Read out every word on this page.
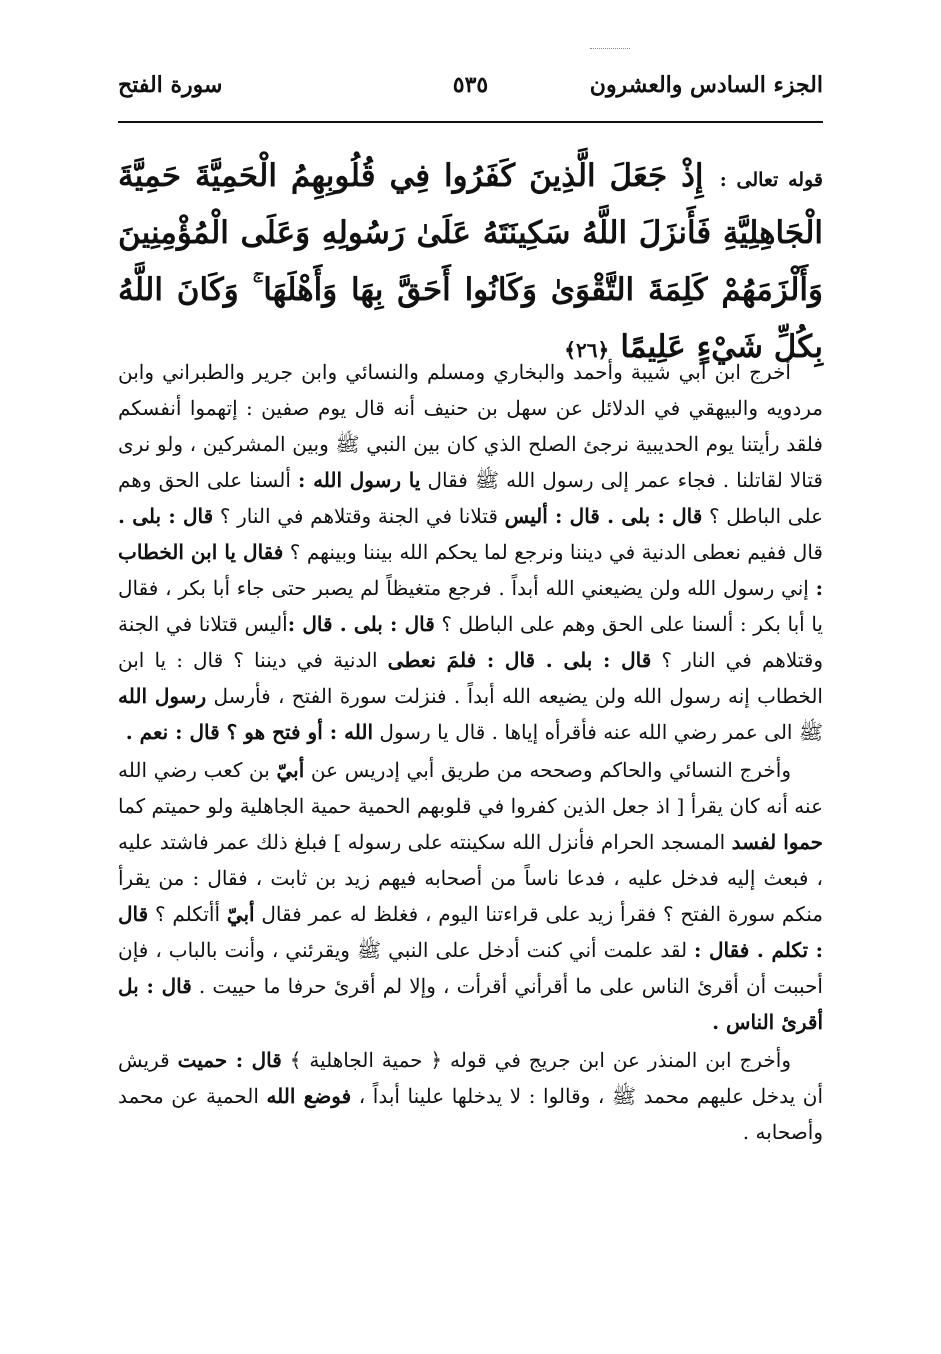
الجزء السادس والعشرون
٥٣٥
سورة الفتح
قوله تعالى : إِذْ جَعَلَ الَّذِينَ كَفَرُوا فِي قُلُوبِهِمُ الْحَمِيَّةَ حَمِيَّةَ الْجَاهِلِيَّةِ فَأَنزَلَ اللَّهُ سَكِينَتَهُ عَلَىٰ رَسُولِهِ وَعَلَى الْمُؤْمِنِينَ وَأَلْزَمَهُمْ كَلِمَةَ التَّقْوَىٰ وَكَانُوا أَحَقَّ بِهَا وَأَهْلَهَا ۚ وَكَانَ اللَّهُ بِكُلِّ شَيْءٍ عَلِيمًا ﴿٢٦﴾

أخرج ابن أبي شيبة وأحمد والبخاري ومسلم والنسائي وابن جرير والطبراني وابن مردويه والبيهقي في الدلائل عن سهل بن حنيف أنه قال يوم صفين : إتهموا أنفسكم فلقد رأيتنا يوم الحديبية نرجئ الصلح الذي كان بين النبي ﷺ وبين المشركين ، ولو نرى قتالا لقاتلنا . فجاء عمر إلى رسول الله ﷺ فقال يا رسول الله : ألسنا على الحق وهم على الباطل ؟ قال : بلى . قال : أليس قتلانا في الجنة وقتلاهم في النار ؟ قال : بلى . قال ففيم نعطى الدنية في ديننا ونرجع لما يحكم الله بيننا وبينهم ؟ فقال يا ابن الخطاب : إني رسول الله ولن يضيعني الله أبداً . فرجع متغيظاً لم يصبر حتى جاء أبا بكر ، فقال يا أبا بكر : ألسنا على الحق وهم على الباطل ؟ قال : بلى . قال :أليس قتلانا في الجنة وقتلاهم في النار ؟ قال : بلى . قال : فلمَ نعطى الدنية في ديننا ؟ قال : يا ابن الخطاب إنه رسول الله ولن يضيعه الله أبداً . فنزلت سورة الفتح ، فأرسل رسول الله ﷺ الى عمر رضي الله عنه فأقرأه إياها . قال يا رسول الله : أو فتح هو ؟ قال : نعم .

وأخرج النسائي والحاكم وصححه من طريق أبي إدريس عن أبيّ بن كعب رضي الله عنه أنه كان يقرأ [ اذ جعل الذين كفروا في قلوبهم الحمية حمية الجاهلية ولو حميتم كما حموا لفسد المسجد الحرام فأنزل الله سكينته على رسوله ] فبلغ ذلك عمر فاشتد عليه ، فبعث إليه فدخل عليه ، فدعا ناساً من أصحابه فيهم زيد بن ثابت ، فقال : من يقرأ منكم سورة الفتح ؟ فقرأ زيد على قراءتنا اليوم ، فغلظ له عمر فقال أبيّ أأتكلم ؟ قال : تكلم . فقال : لقد علمت أني كنت أدخل على النبي ﷺ ويقرئني ، وأنت بالباب ، فإن أحببت أن أقرئ الناس على ما أقرأني أقرأت ، وإلا لم أقرئ حرفا ما حييت . قال : بل أقرئ الناس .

وأخرج ابن المنذر عن ابن جريج في قوله ﴿ حمية الجاهلية ﴾ قال : حميت قريش أن يدخل عليهم محمد ﷺ ، وقالوا : لا يدخلها علينا أبداً ، فوضع الله الحمية عن محمد وأصحابه .
